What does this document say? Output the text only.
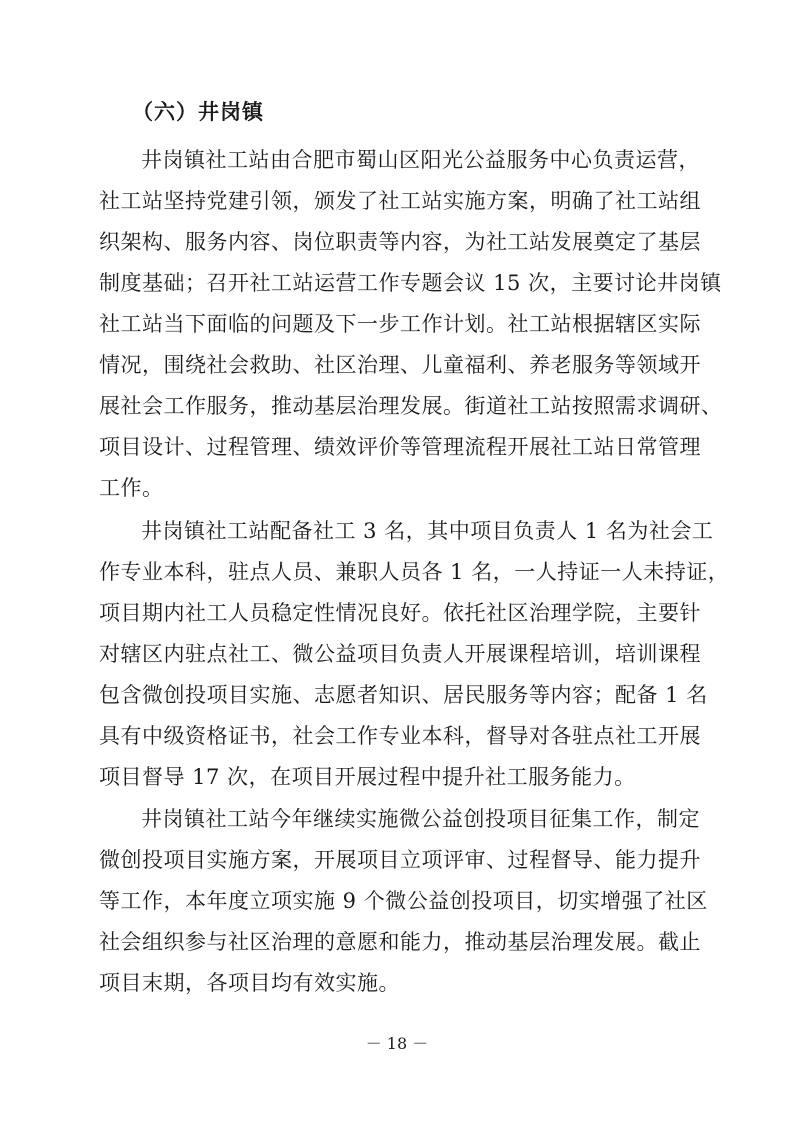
（六）井岗镇
井岗镇社工站由合肥市蜀山区阳光公益服务中心负责运营，
社工站坚持党建引领，颁发了社工站实施方案，明确了社工站组
织架构、服务内容、岗位职责等内容，为社工站发展奠定了基层
制度基础；召开社工站运营工作专题会议 15 次，主要讨论井岗镇
社工站当下面临的问题及下一步工作计划。社工站根据辖区实际
情况，围绕社会救助、社区治理、儿童福利、养老服务等领域开
展社会工作服务，推动基层治理发展。街道社工站按照需求调研、
项目设计、过程管理、绩效评价等管理流程开展社工站日常管理
工作。
井岗镇社工站配备社工 3 名，其中项目负责人 1 名为社会工
作专业本科，驻点人员、兼职人员各 1 名，一人持证一人未持证，
项目期内社工人员稳定性情况良好。依托社区治理学院，主要针
对辖区内驻点社工、微公益项目负责人开展课程培训，培训课程
包含微创投项目实施、志愿者知识、居民服务等内容；配备 1 名
具有中级资格证书，社会工作专业本科，督导对各驻点社工开展
项目督导 17 次，在项目开展过程中提升社工服务能力。
井岗镇社工站今年继续实施微公益创投项目征集工作，制定
微创投项目实施方案，开展项目立项评审、过程督导、能力提升
等工作，本年度立项实施 9 个微公益创投项目，切实增强了社区
社会组织参与社区治理的意愿和能力，推动基层治理发展。截止
项目末期，各项目均有效实施。
－ 18 －
